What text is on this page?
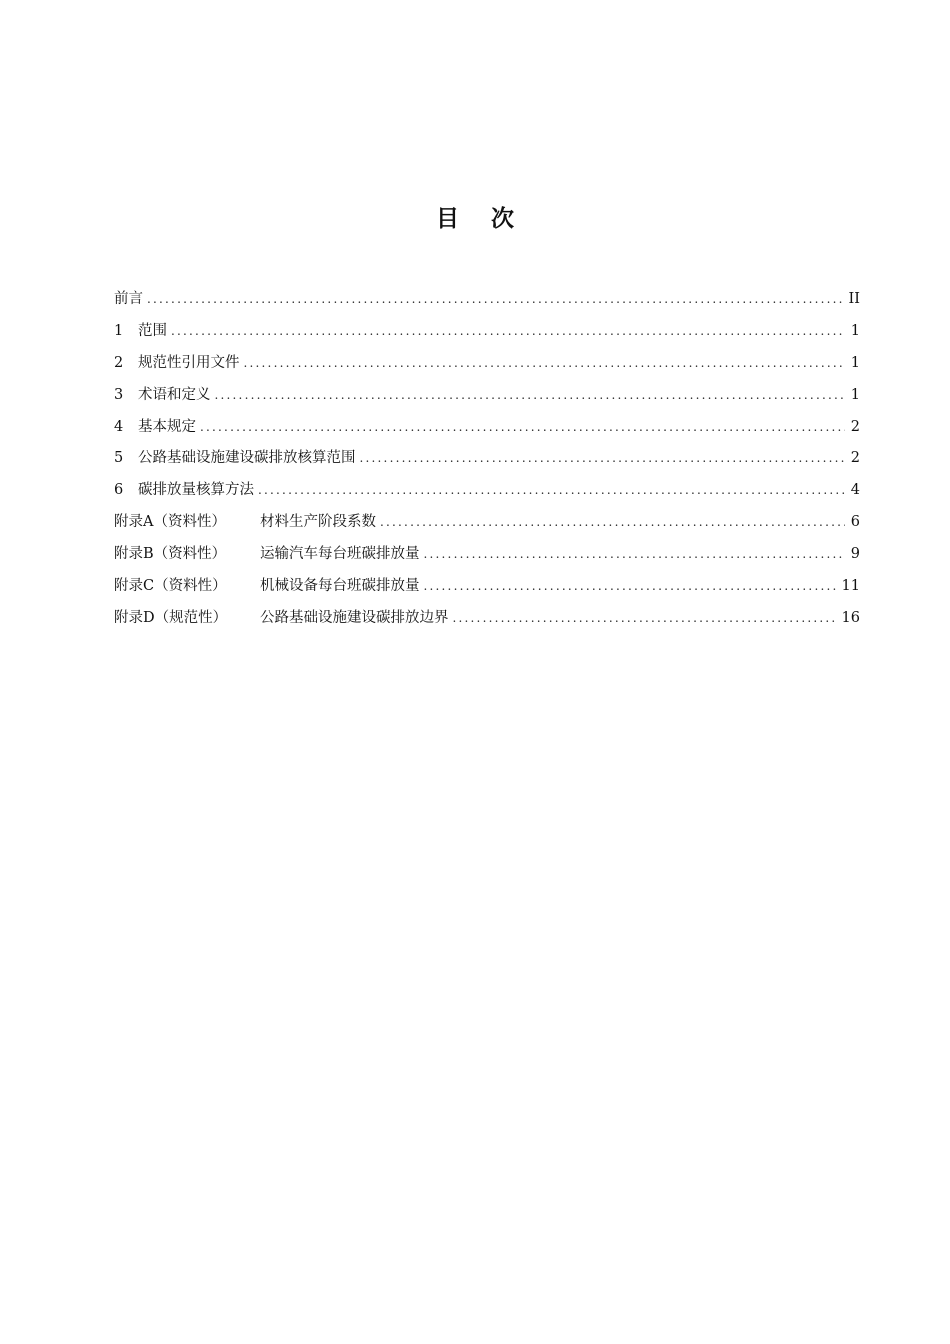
目    次
前言 .....	II
1	范围 .....	1
2	规范性引用文件 .....	1
3	术语和定义 .....	1
4	基本规定 .....	2
5	公路基础设施建设碳排放核算范围 .....	2
6	碳排放量核算方法 .....	4
附录A（资料性）	材料生产阶段系数 .....	6
附录B（资料性）	运输汽车每台班碳排放量 .....	9
附录C（资料性）	机械设备每台班碳排放量 .....	11
附录D（规范性）	公路基础设施建设碳排放边界 .....	16
